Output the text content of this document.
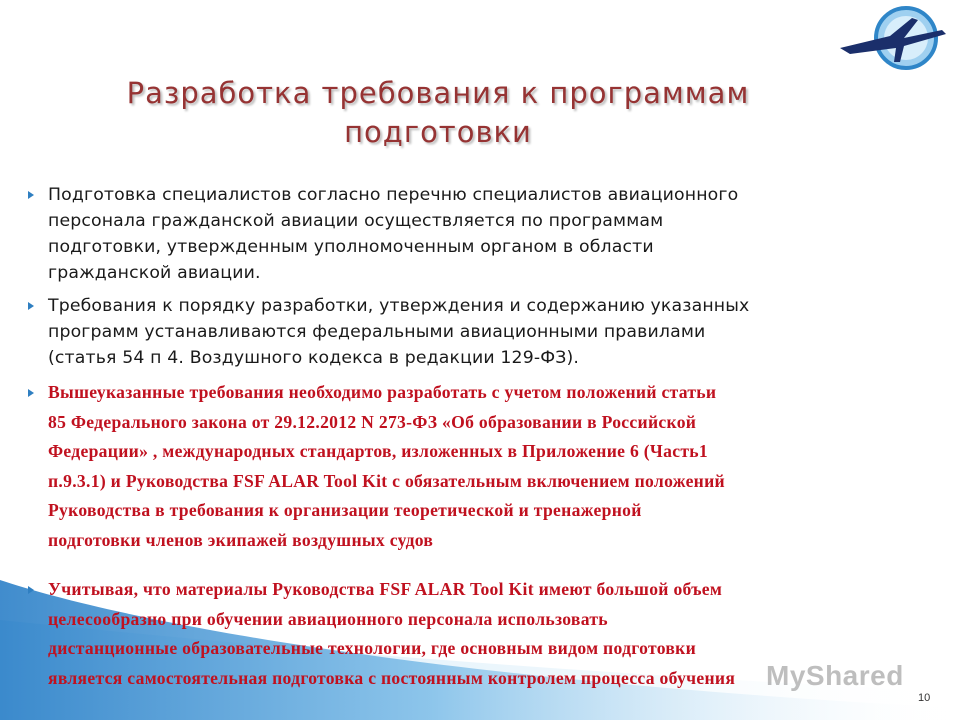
Разработка требования к программам
подготовки
Подготовка специалистов согласно перечню специалистов авиационного
персонала гражданской авиации осуществляется по программам
подготовки, утвержденным уполномоченным органом в области
гражданской авиации.
Требования к порядку разработки, утверждения и содержанию указанных
программ устанавливаются федеральными авиационными правилами
(статья 54 п 4. Воздушного кодекса в редакции 129-ФЗ).
Вышеуказанные требования необходимо разработать с учетом положений статьи
85 Федерального закона от 29.12.2012 N 273-ФЗ «Об образовании в Российской
Федерации» , международных стандартов, изложенных в Приложение 6 (Часть1
п.9.3.1) и Руководства FSF ALAR Tool Kit с обязательным включением положений
Руководства в требования к организации теоретической и тренажерной
подготовки членов экипажей воздушных судов
Учитывая, что материалы Руководства FSF ALAR Tool Kit имеют большой объем
целесообразно при обучении авиационного персонала использовать
дистанционные образовательные технологии, где основным видом подготовки
является самостоятельная подготовка с постоянным контролем процесса обучения	MyShared
10
